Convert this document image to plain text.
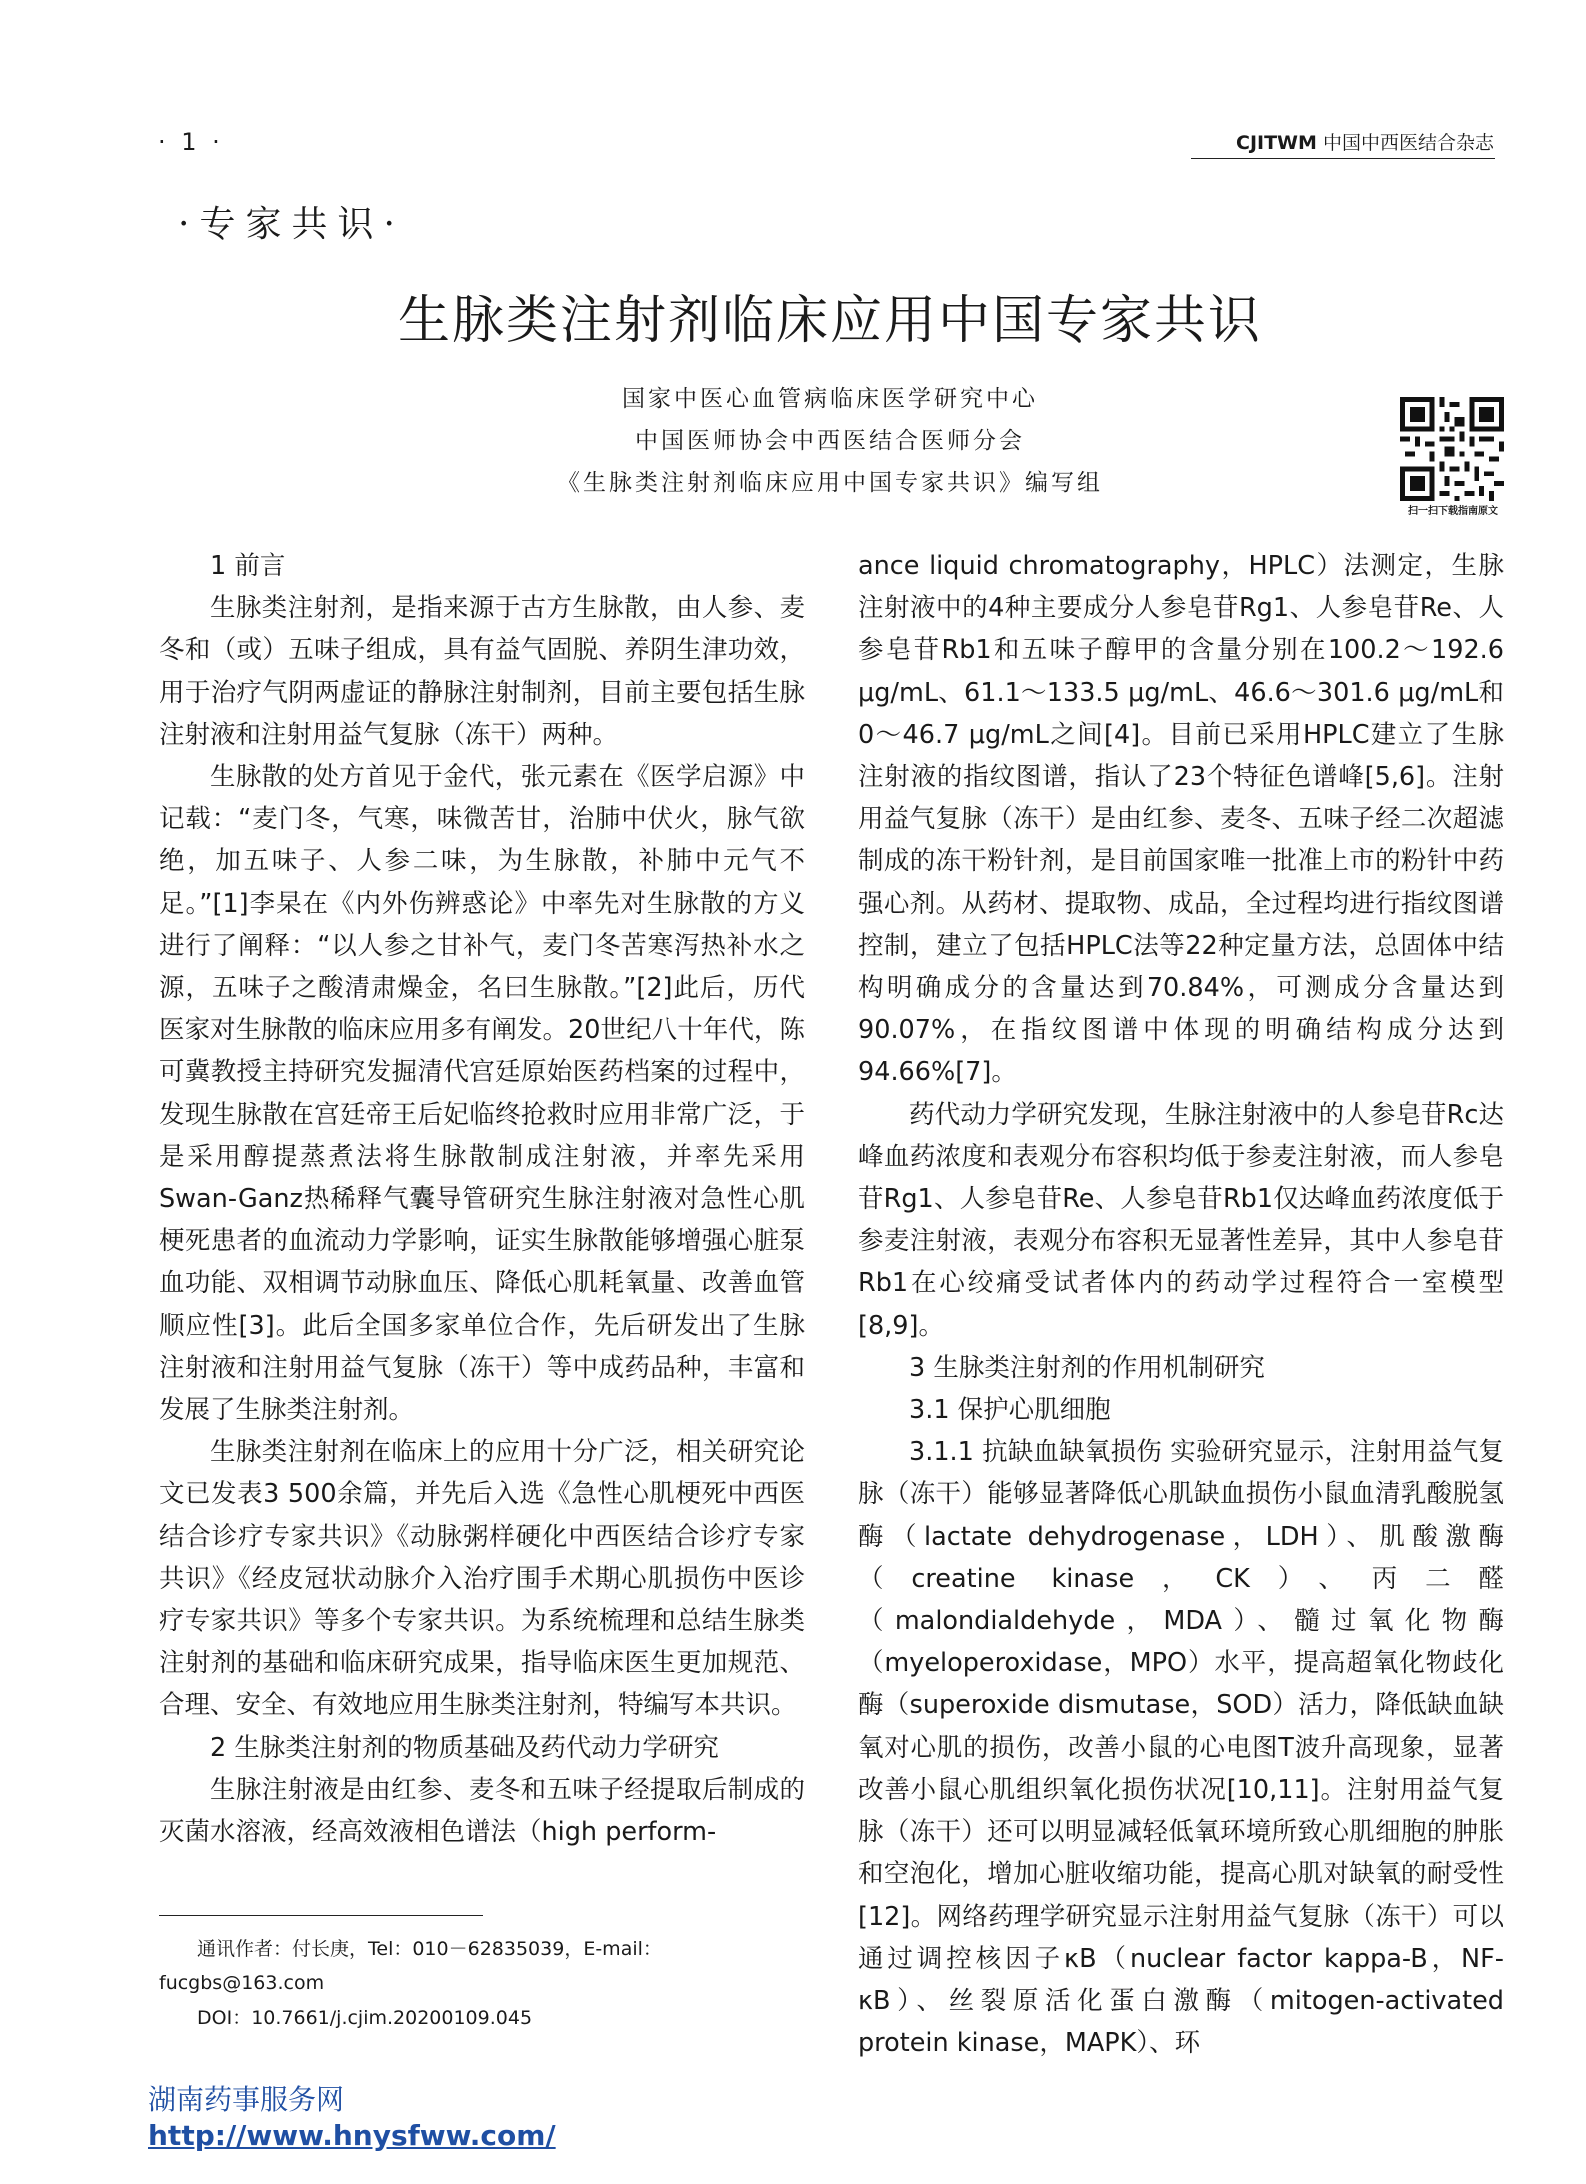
· 1 ·	CJITWM 中国中西医结合杂志
·专家共识·
生脉类注射剂临床应用中国专家共识
国家中医心血管病临床医学研究中心
中国医师协会中西医结合医师分会
《生脉类注射剂临床应用中国专家共识》编写组
扫一扫下载指南原文
1 前言

生脉类注射剂，是指来源于古方生脉散，由人参、麦冬和（或）五味子组成，具有益气固脱、养阴生津功效，用于治疗气阴两虚证的静脉注射制剂，目前主要包括生脉注射液和注射用益气复脉（冻干）两种。

生脉散的处方首见于金代，张元素在《医学启源》中记载：“麦门冬，气寒，味微苦甘，治肺中伏火，脉气欲绝，加五味子、人参二味，为生脉散，补肺中元气不足。”[1]李杲在《内外伤辨惑论》中率先对生脉散的方义进行了阐释：“以人参之甘补气，麦门冬苦寒泻热补水之源，五味子之酸清肃燥金，名曰生脉散。”[2]此后，历代医家对生脉散的临床应用多有阐发。20世纪八十年代，陈可冀教授主持研究发掘清代宫廷原始医药档案的过程中，发现生脉散在宫廷帝王后妃临终抢救时应用非常广泛，于是采用醇提蒸煮法将生脉散制成注射液，并率先采用Swan-Ganz热稀释气囊导管研究生脉注射液对急性心肌梗死患者的血流动力学影响，证实生脉散能够增强心脏泵血功能、双相调节动脉血压、降低心肌耗氧量、改善血管顺应性[3]。此后全国多家单位合作，先后研发出了生脉注射液和注射用益气复脉（冻干）等中成药品种，丰富和发展了生脉类注射剂。

生脉类注射剂在临床上的应用十分广泛，相关研究论文已发表3 500余篇，并先后入选《急性心肌梗死中西医结合诊疗专家共识》《动脉粥样硬化中西医结合诊疗专家共识》《经皮冠状动脉介入治疗围手术期心肌损伤中医诊疗专家共识》等多个专家共识。为系统梳理和总结生脉类注射剂的基础和临床研究成果，指导临床医生更加规范、合理、安全、有效地应用生脉类注射剂，特编写本共识。

2 生脉类注射剂的物质基础及药代动力学研究

生脉注射液是由红参、麦冬和五味子经提取后制成的灭菌水溶液，经高效液相色谱法（high perform-

ance liquid chromatography，HPLC）法测定，生脉注射液中的4种主要成分人参皂苷Rg1、人参皂苷Re、人参皂苷Rb1和五味子醇甲的含量分别在100.2～192.6 μg/mL、61.1～133.5 μg/mL、46.6～301.6 μg/mL和0～46.7 μg/mL之间[4]。目前已采用HPLC建立了生脉注射液的指纹图谱，指认了23个特征色谱峰[5,6]。注射用益气复脉（冻干）是由红参、麦冬、五味子经二次超滤制成的冻干粉针剂，是目前国家唯一批准上市的粉针中药强心剂。从药材、提取物、成品，全过程均进行指纹图谱控制，建立了包括HPLC法等22种定量方法，总固体中结构明确成分的含量达到70.84%，可测成分含量达到90.07%，在指纹图谱中体现的明确结构成分达到94.66%[7]。

药代动力学研究发现，生脉注射液中的人参皂苷Rc达峰血药浓度和表观分布容积均低于参麦注射液，而人参皂苷Rg1、人参皂苷Re、人参皂苷Rb1仅达峰血药浓度低于参麦注射液，表观分布容积无显著性差异，其中人参皂苷Rb1在心绞痛受试者体内的药动学过程符合一室模型[8,9]。

3 生脉类注射剂的作用机制研究
3.1 保护心肌细胞

3.1.1 抗缺血缺氧损伤 实验研究显示，注射用益气复脉（冻干）能够显著降低心肌缺血损伤小鼠血清乳酸脱氢酶（lactate dehydrogenase，LDH）、肌酸激酶（creatine kinase，CK）、丙二醛（malondialdehyde，MDA）、髓过氧化物酶（myeloperoxidase，MPO）水平，提高超氧化物歧化酶（superoxide dismutase，SOD）活力，降低缺血缺氧对心肌的损伤，改善小鼠的心电图T波升高现象，显著改善小鼠心肌组织氧化损伤状况[10,11]。注射用益气复脉（冻干）还可以明显减轻低氧环境所致心肌细胞的肿胀和空泡化，增加心脏收缩功能，提高心肌对缺氧的耐受性[12]。网络药理学研究显示注射用益气复脉（冻干）可以通过调控核因子κB（nuclear factor kappa-B，NF-κB）、丝裂原活化蛋白激酶（mitogen-activated protein kinase，MAPK）、环

通讯作者：付长庚，Tel：010－62835039，E-mail：fucgbs@163.com
DOI：10.7661/j.cjim.20200109.045
湖南药事服务网
http://www.hnysfww.com/
